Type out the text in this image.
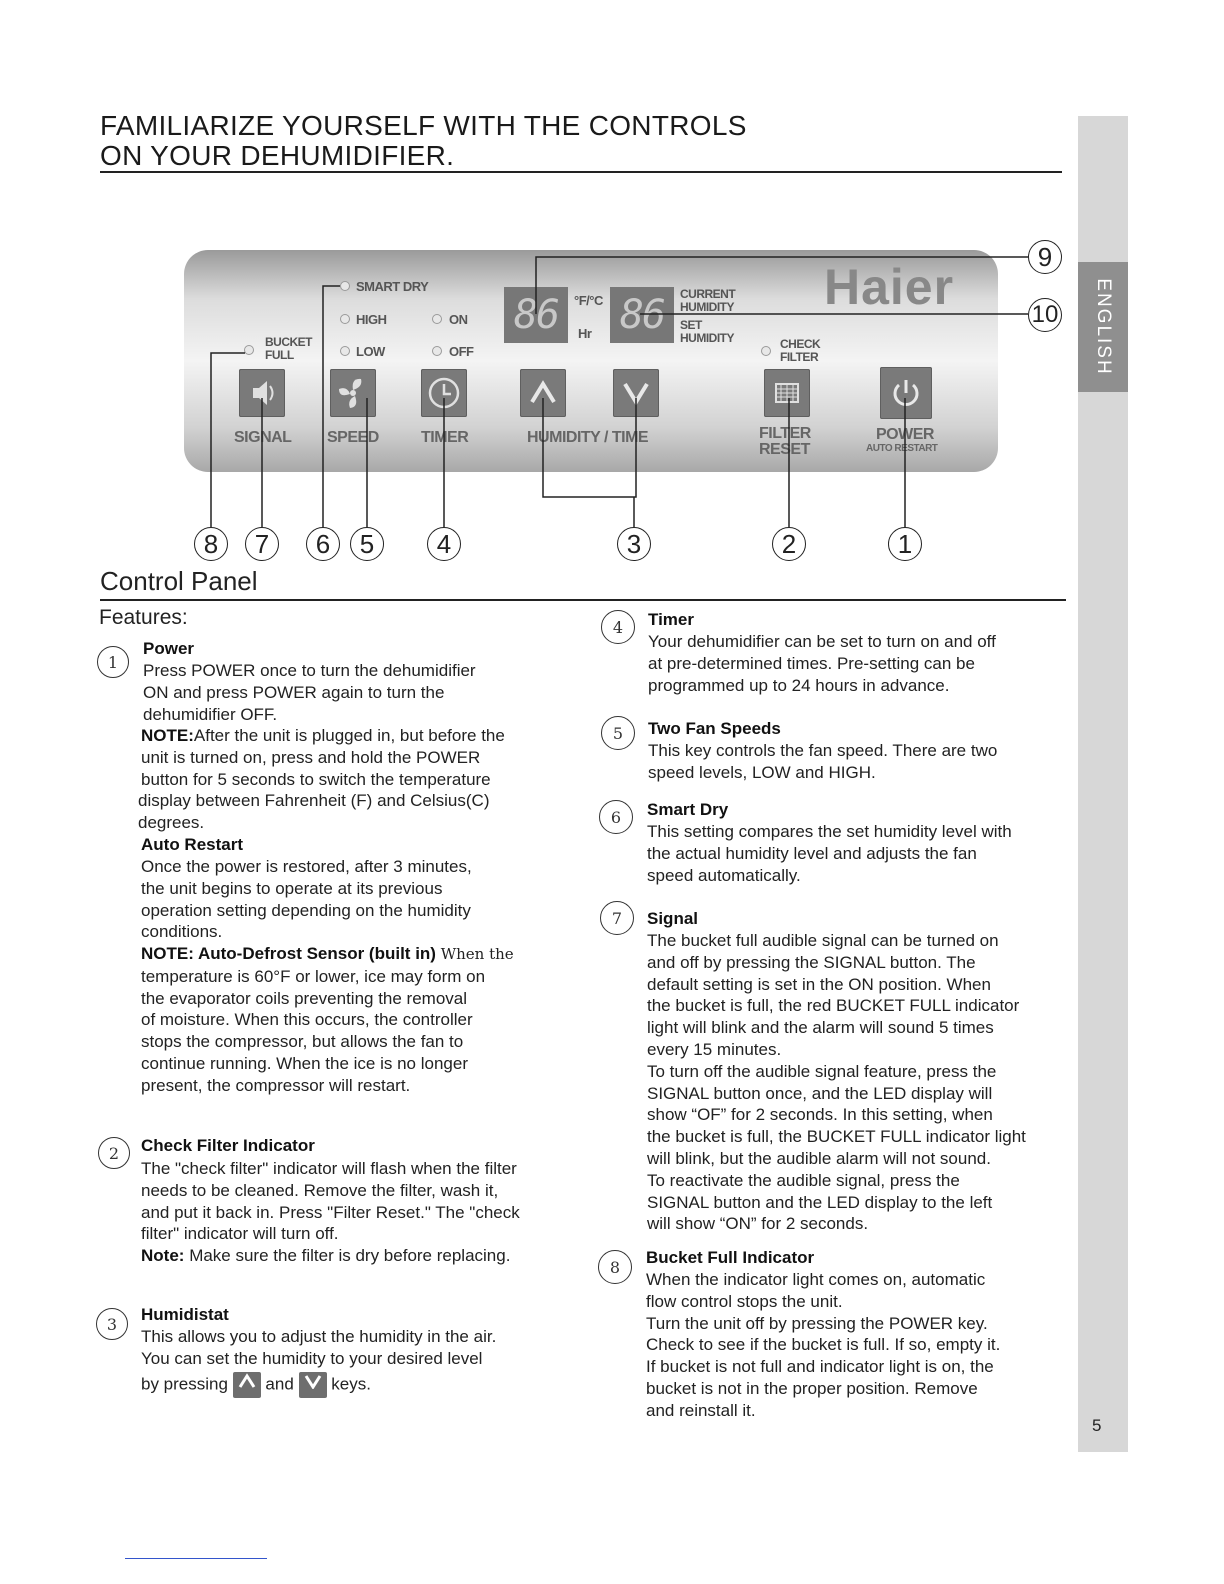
FAMILIARIZE YOURSELF WITH THE CONTROLS
ON YOUR DEHUMIDIFIER.
ENGLISH
5
SMART DRY
HIGH
LOW
ON
OFF
BUCKET
FULL
CHECK
FILTER
86	°F/°C
Hr 86	CURRENT
HUMIDITY
SET
HUMIDITY
Haier
SIGNAL SPEED	TIMER	HUMIDITY / TIME	FILTER
RESET
POWER
AUTO RESTART
8	7	6	5	4	3	2	1
9
10
Control Panel
Features:
1
Power
Press POWER once to turn the dehumidifier
ON and press POWER again to turn the
dehumidifier OFF.
NOTE:After the unit is plugged in, but before the
unit is turned on, press and hold the POWER
button for 5 seconds to switch the temperature
display between Fahrenheit (F) and Celsius(C)
degrees.
Auto Restart
Once the power is restored, after 3 minutes,
the unit begins to operate at its previous
operation setting depending on the humidity
conditions.
NOTE: Auto-Defrost Sensor (built in) When the
temperature is 60°F or lower, ice may form on
the evaporator coils preventing the removal
of moisture. When this occurs, the controller
stops the compressor, but allows the fan to
continue running. When the ice is no longer
present, the compressor will restart.
2	Check Filter Indicator
The "check filter" indicator will flash when the filter
needs to be cleaned. Remove the filter, wash it,
and put it back in. Press "Filter Reset." The "check
filter" indicator will turn off.
Note: Make sure the filter is dry before replacing.
3	Humidistat
This allows you to adjust the humidity in the air.
You can set the humidity to your desired level
by pressing and keys.
4	Timer
Your dehumidifier can be set to turn on and off
at pre-determined times. Pre-setting can be
programmed up to 24 hours in advance.
5	Two Fan Speeds
This key controls the fan speed. There are two
speed levels, LOW and HIGH.
6	Smart Dry
This setting compares the set humidity level with
the actual humidity level and adjusts the fan
speed automatically.
7	Signal
The bucket full audible signal can be turned on
and off by pressing the SIGNAL button. The
default setting is set in the ON position. When
the bucket is full, the red BUCKET FULL indicator
light will blink and the alarm will sound 5 times
every 15 minutes.
To turn off the audible signal feature, press the
SIGNAL button once, and the LED display will
show “OF” for 2 seconds. In this setting, when
the bucket is full, the BUCKET FULL indicator light
will blink, but the audible alarm will not sound.
To reactivate the audible signal, press the
SIGNAL button and the LED display to the left
will show “ON” for 2 seconds.
8	Bucket Full Indicator
When the indicator light comes on, automatic
flow control stops the unit.
Turn the unit off by pressing the POWER key.
Check to see if the bucket is full. If so, empty it.
If bucket is not full and indicator light is on, the
bucket is not in the proper position. Remove
and reinstall it.
